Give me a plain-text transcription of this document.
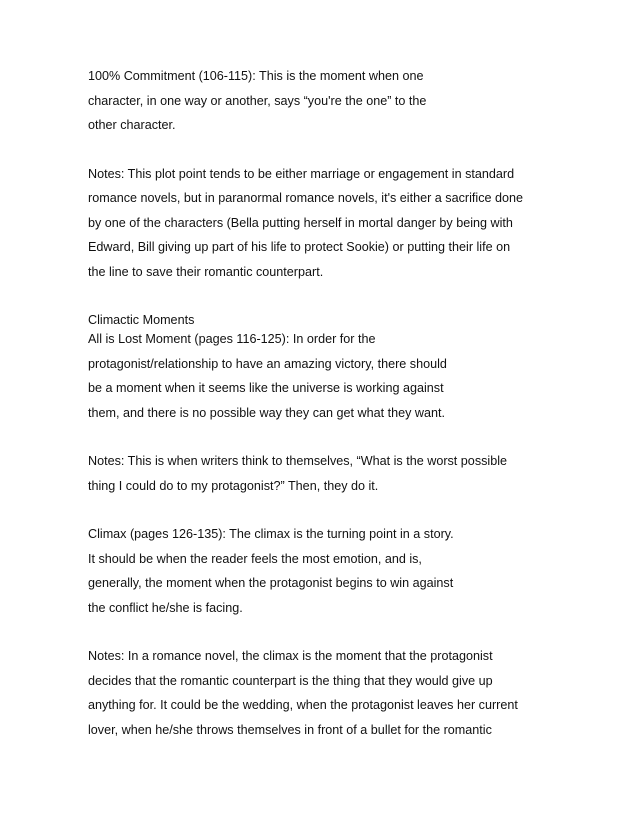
100% Commitment (106-115): This is the moment when one
character, in one way or another, says “you're the one” to the
other character.
Notes: This plot point tends to be either marriage or engagement in standard
romance novels, but in paranormal romance novels, it's either a sacrifice done
by one of the characters (Bella putting herself in mortal danger by being with
Edward, Bill giving up part of his life to protect Sookie) or putting their life on
the line to save their romantic counterpart.
Climactic Moments
All is Lost Moment (pages 116-125): In order for the
protagonist/relationship to have an amazing victory, there should
be a moment when it seems like the universe is working against
them, and there is no possible way they can get what they want.
Notes: This is when writers think to themselves, “What is the worst possible
thing I could do to my protagonist?” Then, they do it.
Climax (pages 126-135): The climax is the turning point in a story.
It should be when the reader feels the most emotion, and is,
generally, the moment when the protagonist begins to win against
the conflict he/she is facing.
Notes: In a romance novel, the climax is the moment that the protagonist
decides that the romantic counterpart is the thing that they would give up
anything for. It could be the wedding, when the protagonist leaves her current
lover, when he/she throws themselves in front of a bullet for the romantic
